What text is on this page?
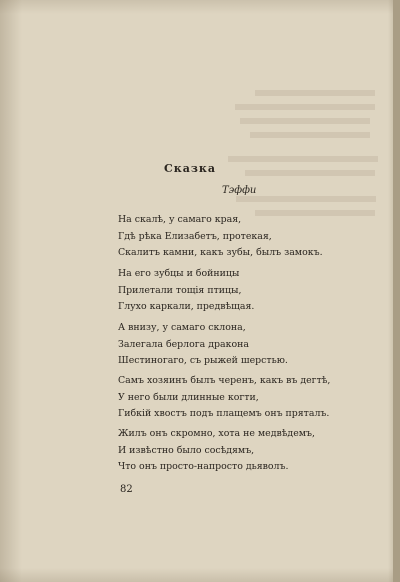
Сказка
Тэффи
На скалѣ, у самаго края,
Гдѣ рѣка Елизабетъ, протекая,
Скалитъ камни, какъ зубы, былъ замокъ.
На его зубцы и бойницы
Прилетали тощія птицы,
Глухо каркали, предвѣщая.
А внизу, у самаго склона,
Залегала берлога дракона
Шестиногаго, съ рыжей шерстью.
Самъ хозяинъ былъ черенъ, какъ въ дегтѣ,
У него были длинные когти,
Гибкій хвостъ подъ плащемъ онъ пряталъ.
Жилъ онъ скромно, хота не медвѣдемъ,
И извѣстно было сосѣдямъ,
Что онъ просто-напросто дьяволъ.
82
